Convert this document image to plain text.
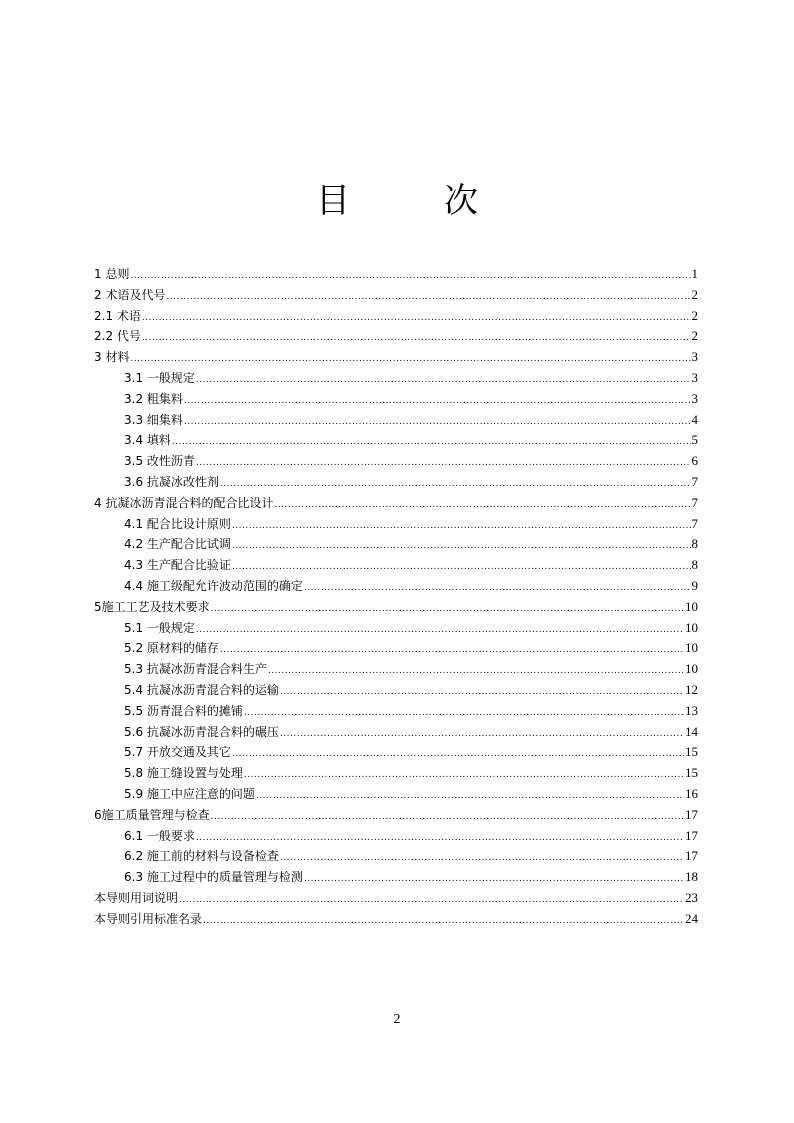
目　次
1 总则 .....	1
2 术语及代号 .....	2
2.1 术语 .....	2
2.2 代号 .....	2
3 材料 .....	3
3.1 一般规定 .....	3
3.2 粗集料 .....	3
3.3 细集料 .....	4
3.4 填料 .....	5
3.5 改性沥青 .....	6
3.6 抗凝冰改性剂 .....	7
4 抗凝冰沥青混合料的配合比设计 .....	7
4.1 配合比设计原则 .....	7
4.2 生产配合比试调 .....	8
4.3 生产配合比验证 .....	8
4.4 施工级配允许波动范围的确定 .....	9
5施工工艺及技术要求 .....	10
5.1 一般规定 .....	10
5.2 原材料的储存 .....	10
5.3 抗凝冰沥青混合料生产 .....	10
5.4 抗凝冰沥青混合料的运输 .....	12
5.5 沥青混合料的摊铺 .....	13
5.6 抗凝冰沥青混合料的碾压 .....	14
5.7 开放交通及其它 .....	15
5.8 施工缝设置与处理 .....	15
5.9 施工中应注意的问题 .....	16
6施工质量管理与检查 .....	17
6.1 一般要求 .....	17
6.2 施工前的材料与设备检查 .....	17
6.3 施工过程中的质量管理与检测 .....	18
本导则用词说明 .....	23
本导则引用标准名录 .....	24
2
